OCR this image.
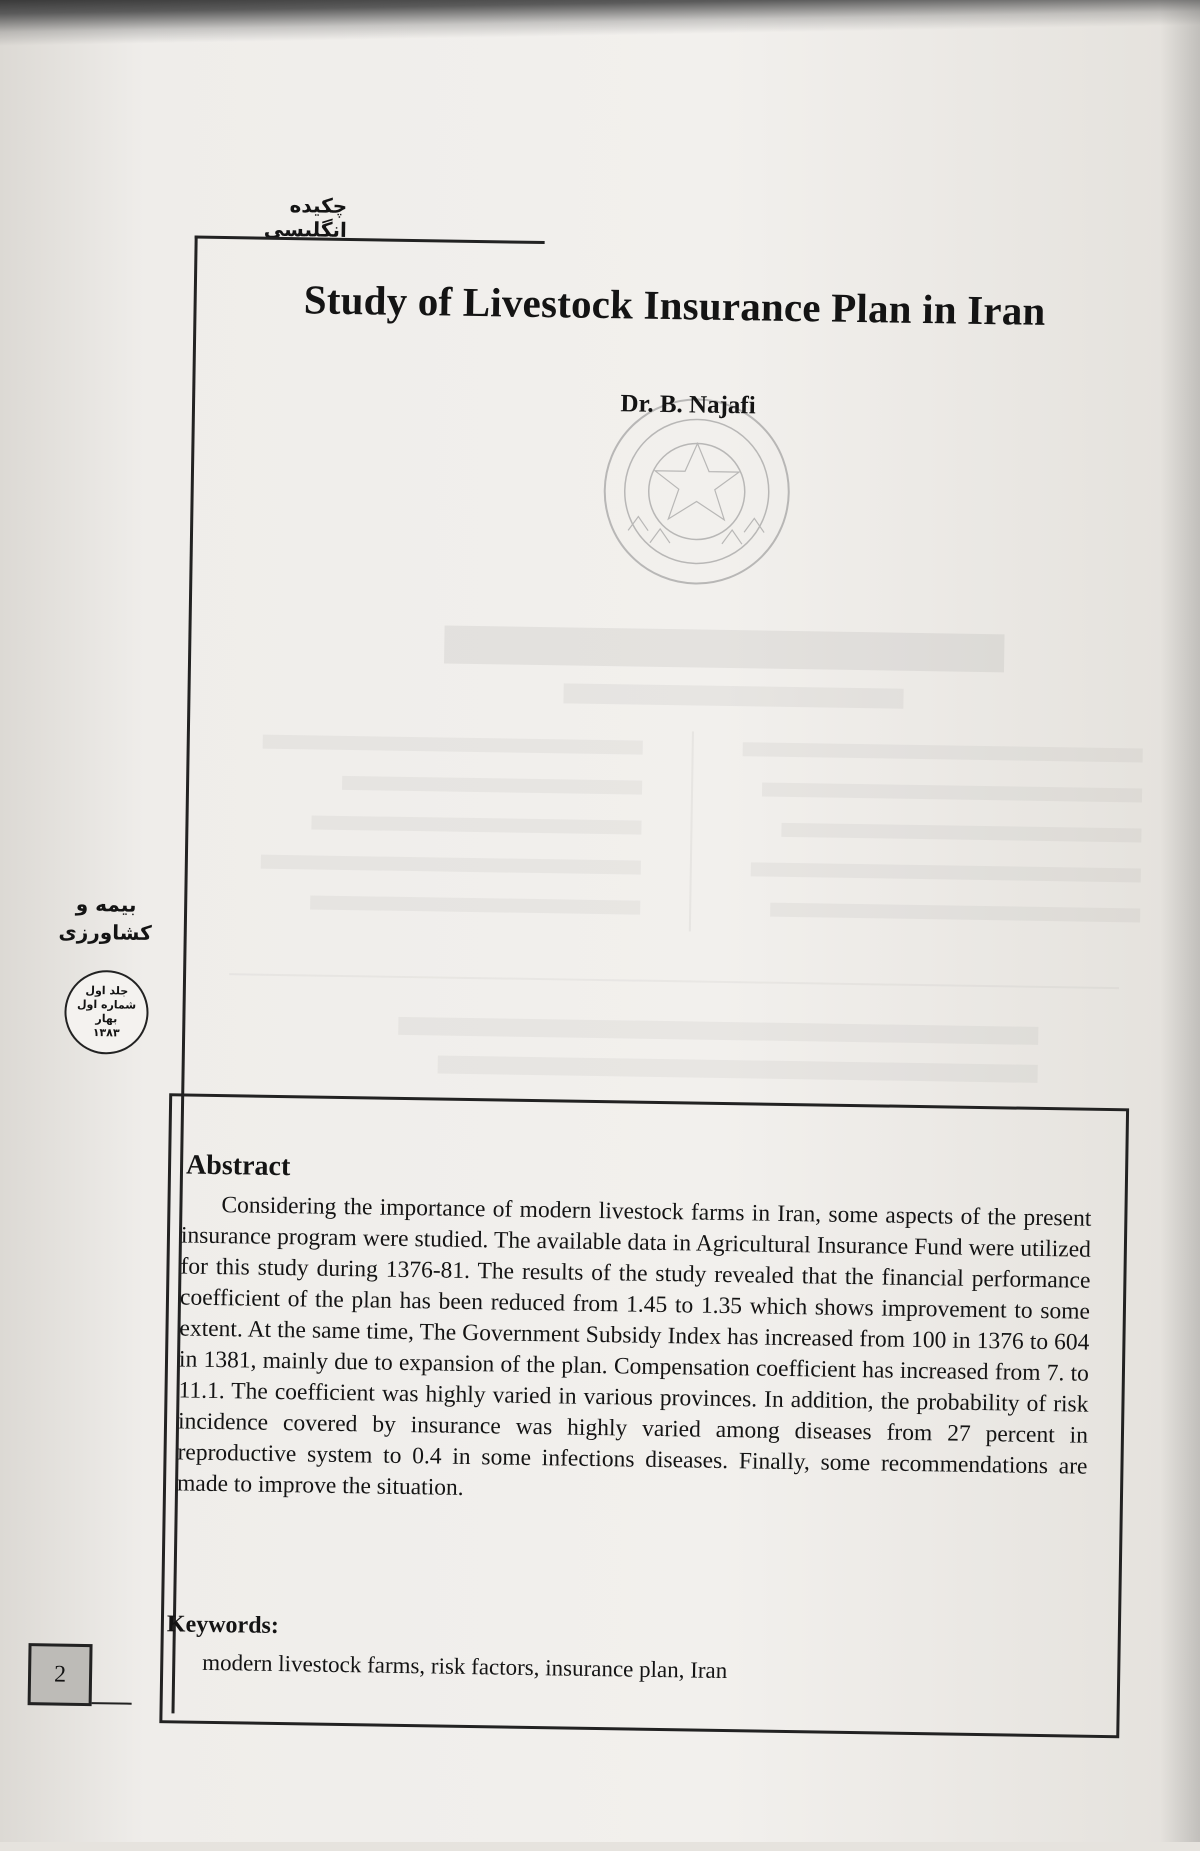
چکیده انگلیسی
Study of Livestock Insurance Plan in Iran
Dr. B. Najafi
بیمه و
کشاورزی
جلد اول
شماره اول
بهار
۱۳۸۳
Abstract
Considering the importance of modern livestock farms in Iran, some aspects of the present insurance program were studied. The available data in Agricultural Insurance Fund were utilized for this study during 1376-81. The results of the study revealed that the financial performance coefficient of the plan has been reduced from 1.45 to 1.35 which shows improvement to some extent. At the same time, The Government Subsidy Index has increased from 100 in 1376 to 604 in 1381, mainly due to expansion of the plan. Compensation coefficient has increased from 7. to 11.1. The coefficient was highly varied in various provinces. In addition, the probability of risk incidence covered by insurance was highly varied among diseases from 27 percent in reproductive system to 0.4 in some infections diseases. Finally, some recommendations are made to improve the situation.
Keywords:
modern livestock farms, risk factors, insurance plan, Iran
2
